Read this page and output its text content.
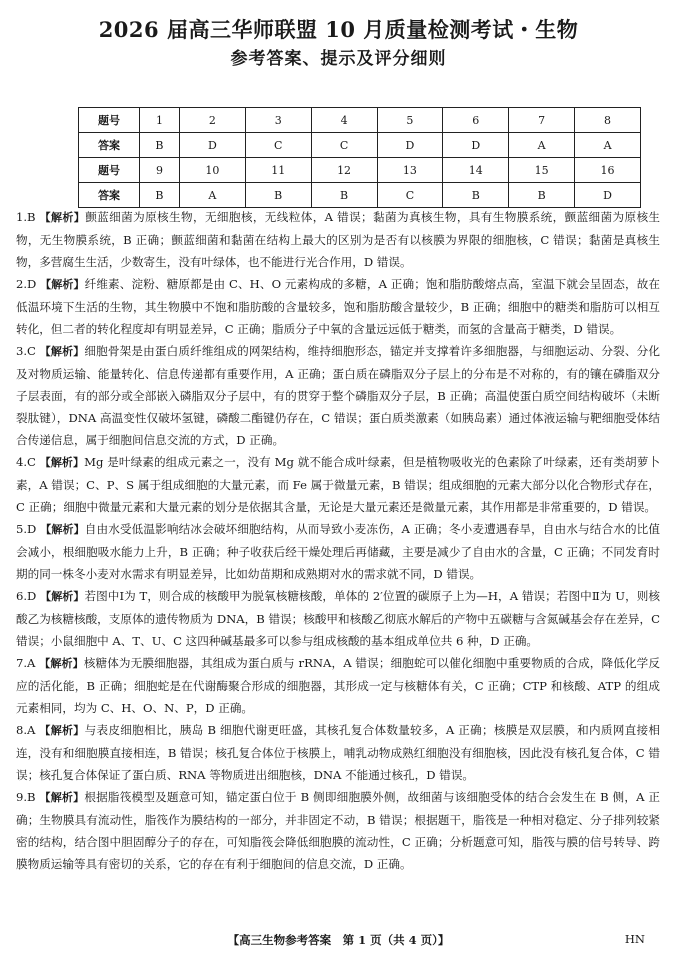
2026 届高三华师联盟 10 月质量检测考试・生物
参考答案、提示及评分细则
题号	1	2	3	4	5	6	7	8
答案	B	D	C	C	D	D	A	A
题号	9	10	11	12	13	14	15	16
答案	B	A	B	B	C	B	B	D

1.B 【解析】颤蓝细菌为原核生物，无细胞核，无线粒体，A 错误；黏菌为真核生物，具有生物膜系统，颤蓝细菌为原核生物，无生物膜系统，B 正确；颤蓝细菌和黏菌在结构上最大的区别为是否有以核膜为界限的细胞核，C 错误；黏菌是真核生物，多营腐生生活，少数寄生，没有叶绿体，也不能进行光合作用，D 错误。

2.D 【解析】纤维素、淀粉、糖原都是由 C、H、O 元素构成的多糖，A 正确；饱和脂肪酸熔点高，室温下就会呈固态，故在低温环境下生活的生物，其生物膜中不饱和脂肪酸的含量较多，饱和脂肪酸含量较少，B 正确；细胞中的糖类和脂肪可以相互转化，但二者的转化程度却有明显差异，C 正确；脂质分子中氧的含量远远低于糖类，而氢的含量高于糖类，D 错误。

3.C 【解析】细胞骨架是由蛋白质纤维组成的网架结构，维持细胞形态，锚定并支撑着许多细胞器，与细胞运动、分裂、分化及对物质运输、能量转化、信息传递都有重要作用，A 正确；蛋白质在磷脂双分子层上的分布是不对称的，有的镶在磷脂双分子层表面，有的部分或全部嵌入磷脂双分子层中，有的贯穿于整个磷脂双分子层，B 正确；高温使蛋白质空间结构破坏（未断裂肽键），DNA 高温变性仅破坏氢键，磷酸二酯键仍存在，C 错误；蛋白质类激素（如胰岛素）通过体液运输与靶细胞受体结合传递信息，属于细胞间信息交流的方式，D 正确。

4.C 【解析】Mg 是叶绿素的组成元素之一，没有 Mg 就不能合成叶绿素，但是植物吸收光的色素除了叶绿素，还有类胡萝卜素，A 错误；C、P、S 属于组成细胞的大量元素，而 Fe 属于微量元素，B 错误；组成细胞的元素大部分以化合物形式存在，C 正确；细胞中微量元素和大量元素的划分是依据其含量，无论是大量元素还是微量元素，其作用都是非常重要的，D 错误。

5.D 【解析】自由水受低温影响结冰会破坏细胞结构，从而导致小麦冻伤，A 正确；冬小麦遭遇春旱，自由水与结合水的比值会减小，根细胞吸水能力上升，B 正确；种子收获后经干燥处理后再储藏，主要是减少了自由水的含量，C 正确；不同发育时期的同一株冬小麦对水需求有明显差异，比如幼苗期和成熟期对水的需求就不同，D 错误。

6.D 【解析】若图中Ⅰ为 T，则合成的核酸甲为脱氧核糖核酸，单体的 2′位置的碳原子上为—H，A 错误；若图中Ⅱ为 U，则核酸乙为核糖核酸，支原体的遗传物质为 DNA，B 错误；核酸甲和核酸乙彻底水解后的产物中五碳糖与含氮碱基会存在差异，C 错误；小鼠细胞中 A、T、U、C 这四种碱基最多可以参与组成核酸的基本组成单位共 6 种，D 正确。

7.A 【解析】核糖体为无膜细胞器，其组成为蛋白质与 rRNA，A 错误；细胞蛇可以催化细胞中重要物质的合成，降低化学反应的活化能，B 正确；细胞蛇是在代谢酶聚合形成的细胞器，其形成一定与核糖体有关，C 正确；CTP 和核酸、ATP 的组成元素相同，均为 C、H、O、N、P，D 正确。

8.A 【解析】与表皮细胞相比，胰岛 B 细胞代谢更旺盛，其核孔复合体数量较多，A 正确；核膜是双层膜，和内质网直接相连，没有和细胞膜直接相连，B 错误；核孔复合体位于核膜上，哺乳动物成熟红细胞没有细胞核，因此没有核孔复合体，C 错误；核孔复合体保证了蛋白质、RNA 等物质进出细胞核，DNA 不能通过核孔，D 错误。

9.B 【解析】根据脂筏模型及题意可知，锚定蛋白位于 B 侧即细胞膜外侧，故细菌与该细胞受体的结合会发生在 B 侧，A 正确；生物膜具有流动性，脂筏作为膜结构的一部分，并非固定不动，B 错误；根据题干，脂筏是一种相对稳定、分子排列较紧密的结构，结合图中胆固醇分子的存在，可知脂筏会降低细胞膜的流动性，C 正确；分析题意可知，脂筏与膜的信号转导、跨膜物质运输等具有密切的关系，它的存在有利于细胞间的信息交流，D 正确。

【高三生物参考答案　第 1 页（共 4 页）】	HN
